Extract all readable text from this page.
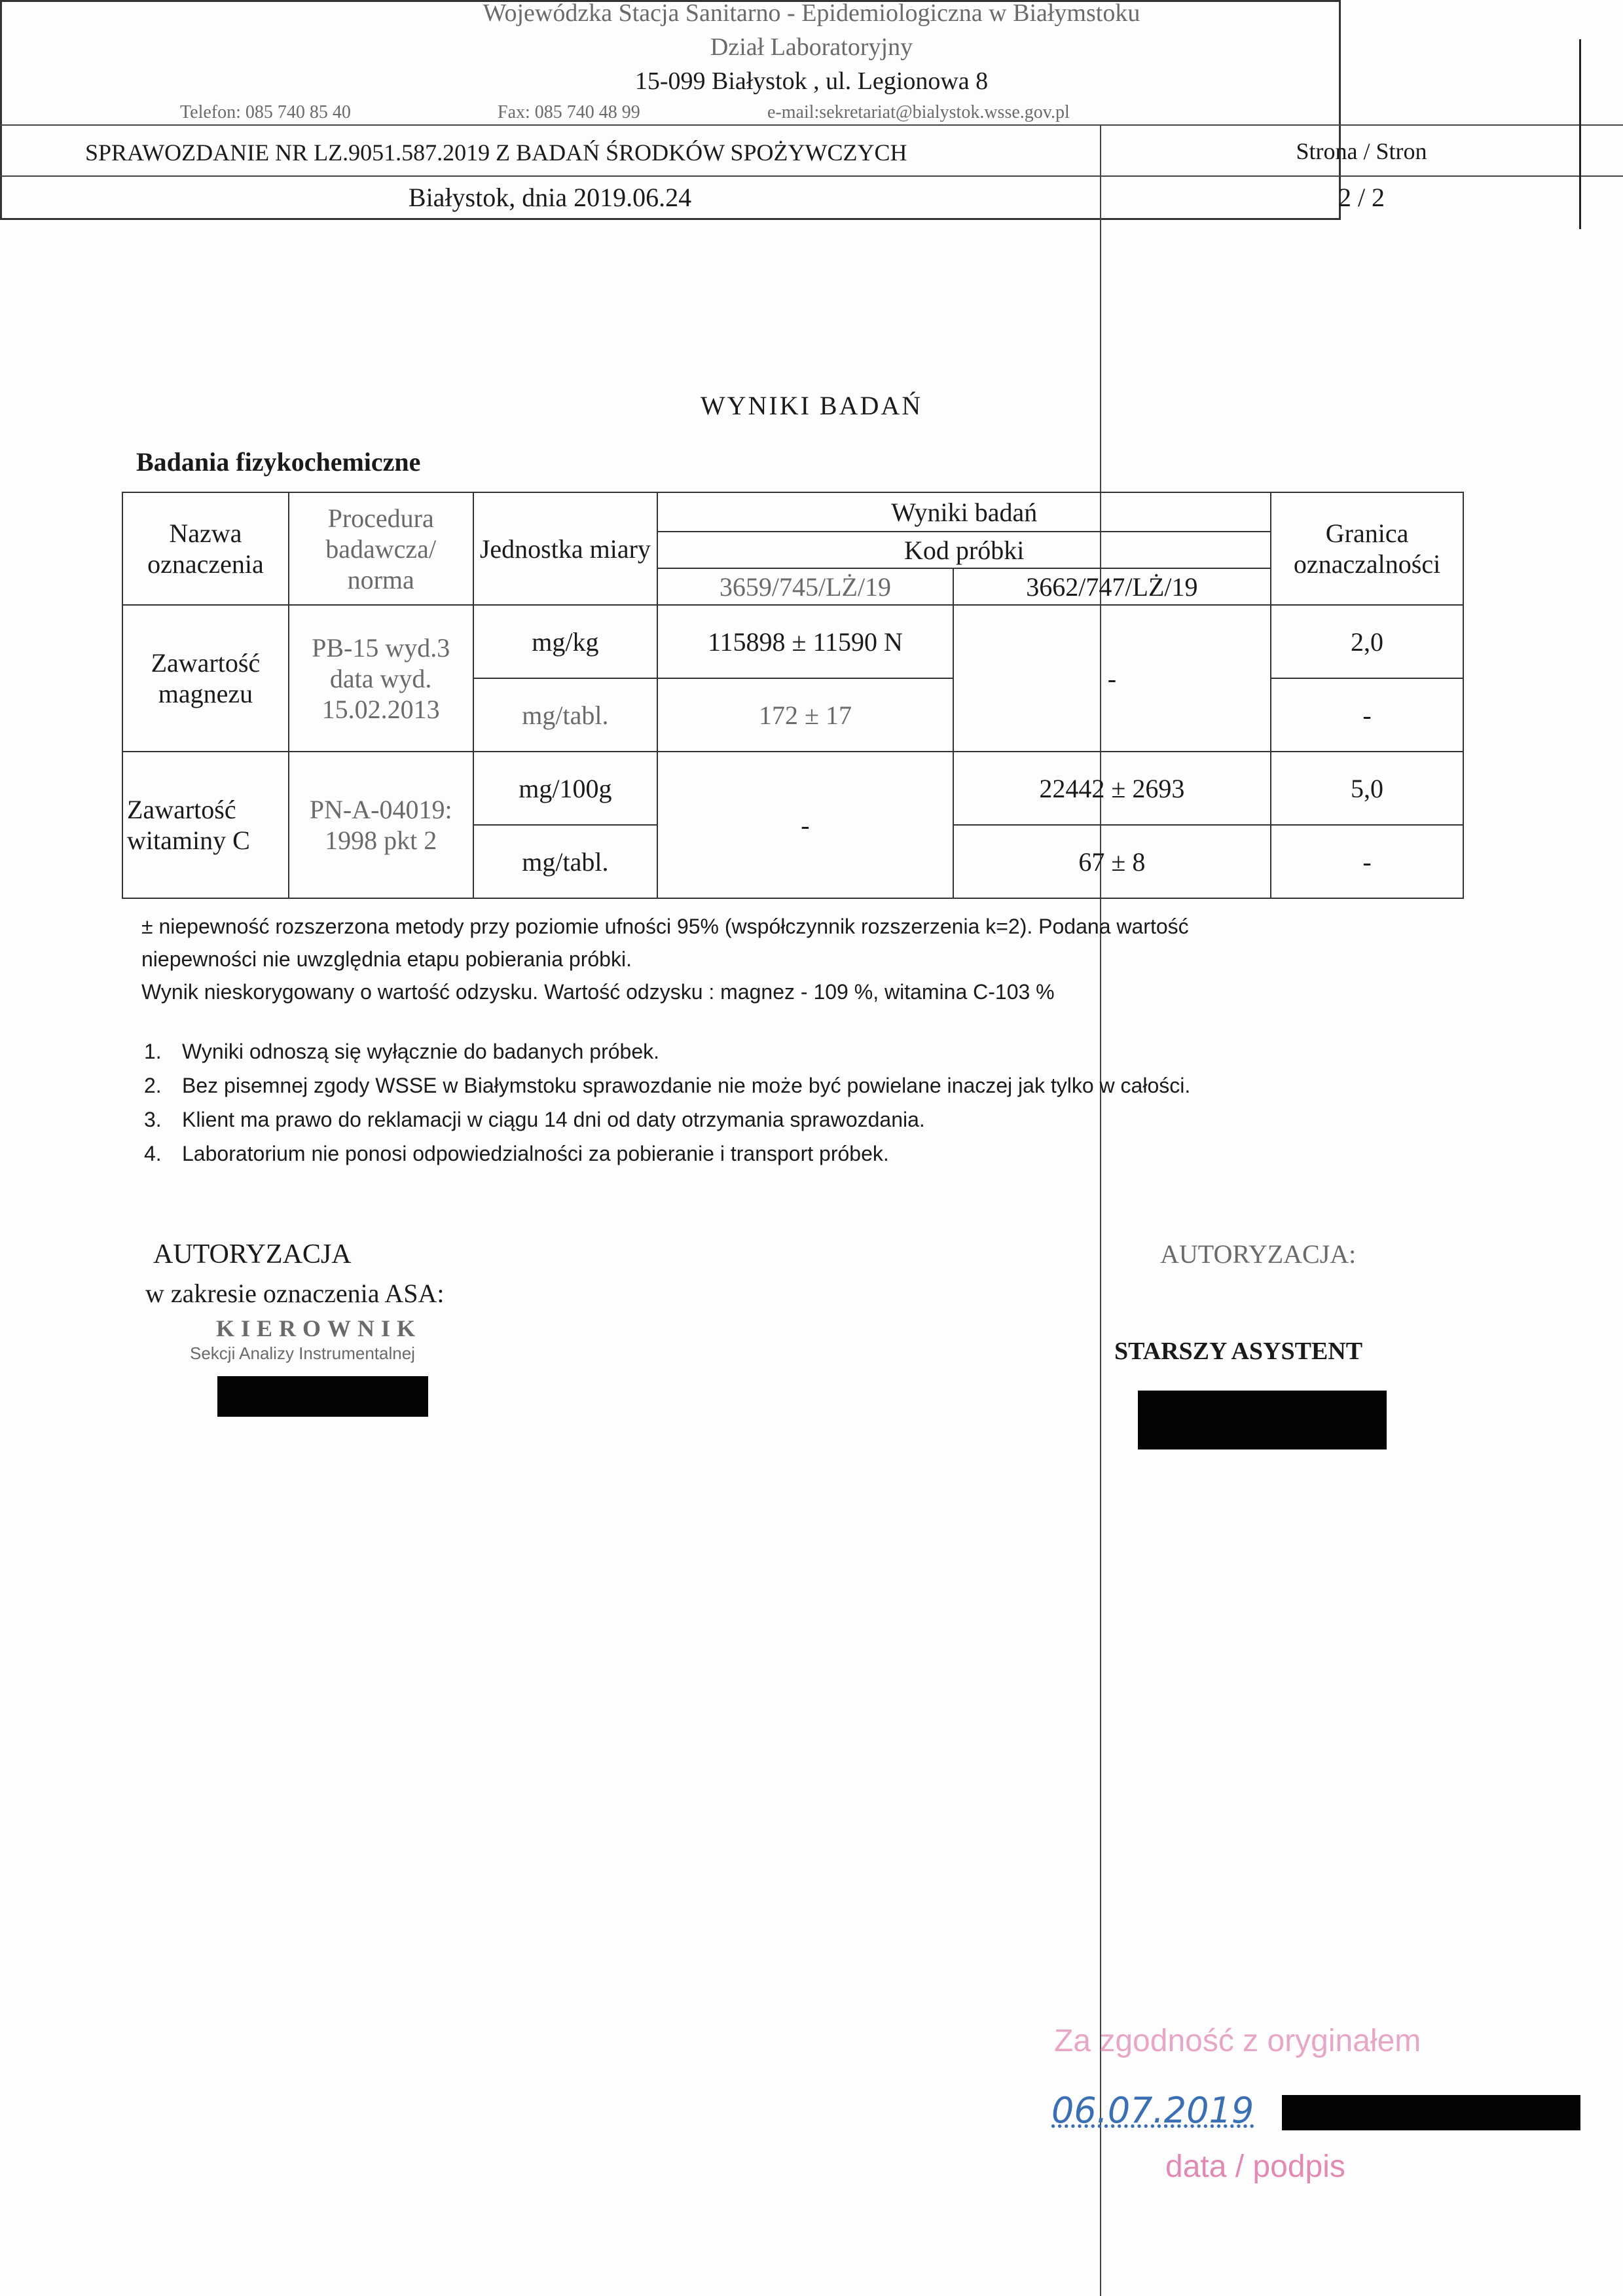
Wojewódzka Stacja Sanitarno - Epidemiologiczna w Białymstoku
Dział Laboratoryjny
15-099 Białystok , ul. Legionowa 8
Telefon: 085 740 85 40	Fax: 085 740 48 99	e-mail:sekretariat@bialystok.wsse.gov.pl
SPRAWOZDANIE NR LZ.9051.587.2019 Z BADAŃ ŚRODKÓW SPOŻYWCZYCH	Strona / Stron
Białystok, dnia 2019.06.24	2 / 2
WYNIKI BADAŃ
Badania fizykochemiczne
Nazwa oznaczenia	Procedura badawcza/ norma	Jednostka miary	Wyniki badań		Granica oznaczalności
			Kod próbki		
			3659/745/LŻ/19	3662/747/LŻ/19	
Zawartość magnezu	PB-15 wyd.3 data wyd. 15.02.2013	mg/kg	115898 ± 11590 N	-	2,0
		mg/tabl.	172 ± 17		-
Zawartość witaminy C	PN-A-04019: 1998 pkt 2	mg/100g	-	22442 ± 2693	5,0
		mg/tabl.		67 ± 8	-
± niepewność rozszerzona metody przy poziomie ufności 95% (współczynnik rozszerzenia k=2). Podana wartość
niepewności nie uwzględnia etapu pobierania próbki.
Wynik nieskorygowany o wartość odzysku. Wartość odzysku : magnez - 109 %, witamina C-103 %
1. Wyniki odnoszą się wyłącznie do badanych próbek.
2. Bez pisemnej zgody WSSE w Białymstoku sprawozdanie nie może być powielane inaczej jak tylko w całości.
3. Klient ma prawo do reklamacji w ciągu 14 dni od daty otrzymania sprawozdania.
4. Laboratorium nie ponosi odpowiedzialności za pobieranie i transport próbek.
AUTORYZACJA
w zakresie oznaczenia ASA:
KIEROWNIK
Sekcji Analizy Instrumentalnej
AUTORYZACJA:
STARSZY ASYSTENT
Za zgodność z oryginałem
06.07.2019
data / podpis
